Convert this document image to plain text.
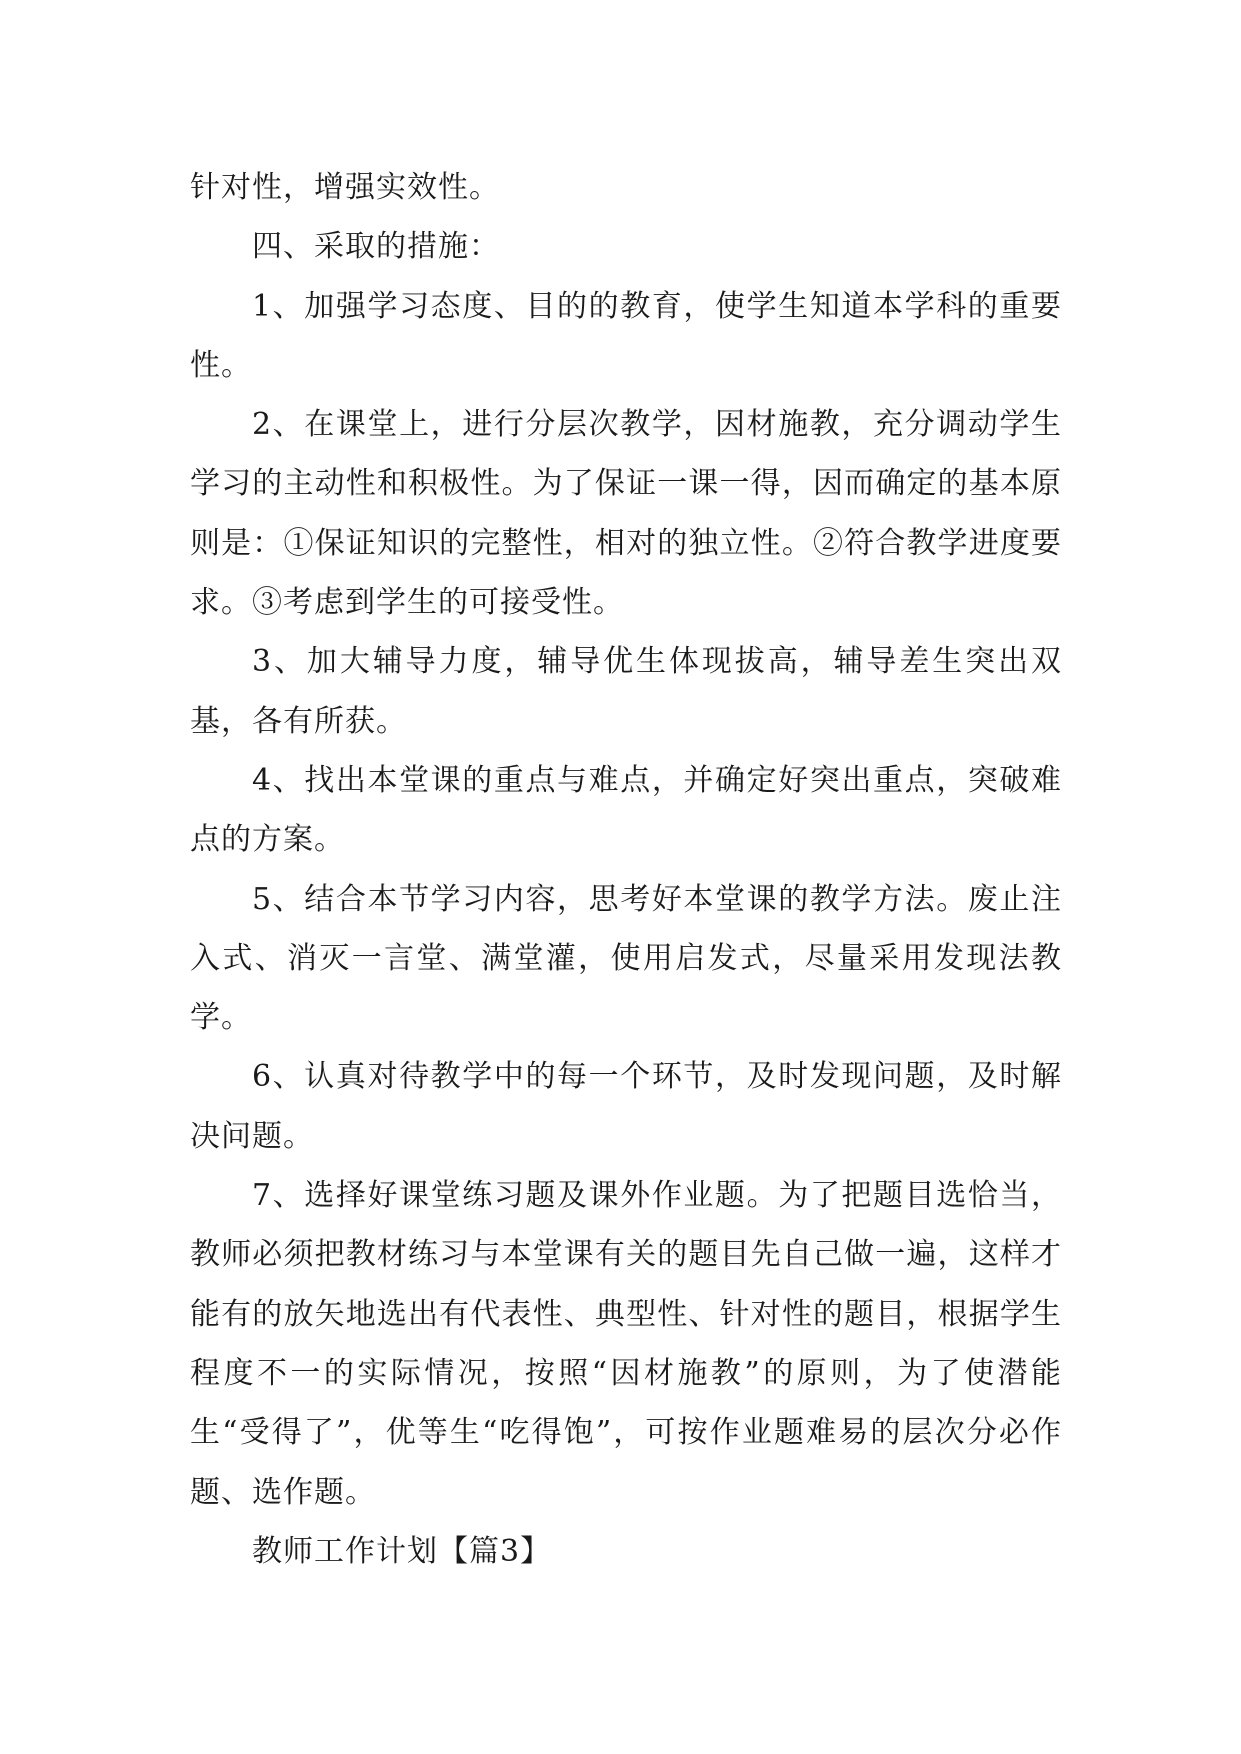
针对性，增强实效性。

四、采取的措施：

1、加强学习态度、目的的教育，使学生知道本学科的重要性。

2、在课堂上，进行分层次教学，因材施教，充分调动学生学习的主动性和积极性。为了保证一课一得，因而确定的基本原则是：①保证知识的完整性，相对的独立性。②符合教学进度要求。③考虑到学生的可接受性。

3、加大辅导力度，辅导优生体现拔高，辅导差生突出双基，各有所获。

4、找出本堂课的重点与难点，并确定好突出重点，突破难点的方案。

5、结合本节学习内容，思考好本堂课的教学方法。废止注入式、消灭一言堂、满堂灌，使用启发式，尽量采用发现法教学。

6、认真对待教学中的每一个环节，及时发现问题，及时解决问题。

7、选择好课堂练习题及课外作业题。为了把题目选恰当，教师必须把教材练习与本堂课有关的题目先自己做一遍，这样才能有的放矢地选出有代表性、典型性、针对性的题目，根据学生程度不一的实际情况，按照“因材施教”的原则，为了使潜能生“受得了”，优等生“吃得饱”，可按作业题难易的层次分必作题、选作题。

教师工作计划【篇3】
